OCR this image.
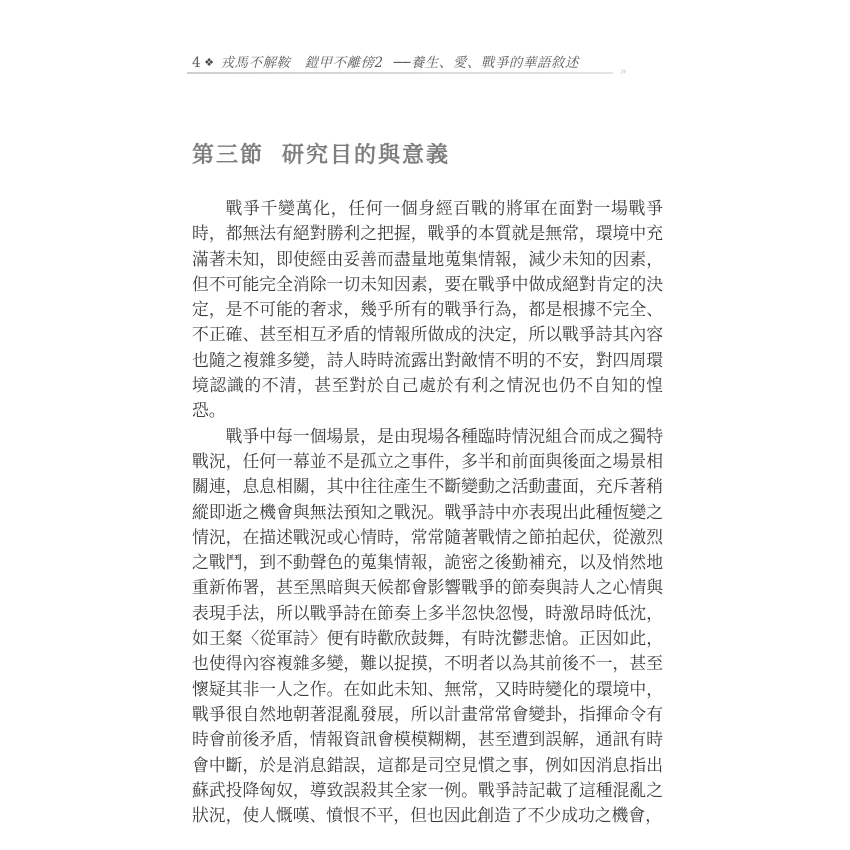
4 ❖ 戎馬不解鞍　鎧甲不離傍2 ──養生、愛、戰爭的華語敘述	»
第三節 研究目的與意義

戰爭千變萬化，任何一個身經百戰的將軍在面對一場戰爭時，都無法有絕對勝利之把握，戰爭的本質就是無常，環境中充滿著未知，即使經由妥善而盡量地蒐集情報，減少未知的因素，但不可能完全消除一切未知因素，要在戰爭中做成絕對肯定的決定，是不可能的奢求，幾乎所有的戰爭行為，都是根據不完全、不正確、甚至相互矛盾的情報所做成的決定，所以戰爭詩其內容也隨之複雜多變，詩人時時流露出對敵情不明的不安，對四周環境認識的不清，甚至對於自己處於有利之情況也仍不自知的惶恐。

戰爭中每一個場景，是由現場各種臨時情況組合而成之獨特戰況，任何一幕並不是孤立之事件，多半和前面與後面之場景相關連，息息相關，其中往往產生不斷變動之活動畫面，充斥著稍縱即逝之機會與無法預知之戰況。戰爭詩中亦表現出此種恆變之情況，在描述戰況或心情時，常常隨著戰情之節拍起伏，從激烈之戰鬥，到不動聲色的蒐集情報，詭密之後勤補充，以及悄然地重新佈署，甚至黑暗與天候都會影響戰爭的節奏與詩人之心情與表現手法，所以戰爭詩在節奏上多半忽快忽慢，時激昂時低沈，如王粲〈從軍詩〉便有時歡欣鼓舞，有時沈鬱悲愴。正因如此，也使得內容複雜多變，難以捉摸，不明者以為其前後不一，甚至懷疑其非一人之作。在如此未知、無常，又時時變化的環境中，戰爭很自然地朝著混亂發展，所以計畫常常會變卦，指揮命令有時會前後矛盾，情報資訊會模模糊糊，甚至遭到誤解，通訊有時會中斷，於是消息錯誤，這都是司空見慣之事，例如因消息指出蘇武投降匈奴，導致誤殺其全家一例。戰爭詩記載了這種混亂之狀況，使人慨嘆、憤恨不平，但也因此創造了不少成功之機會，
